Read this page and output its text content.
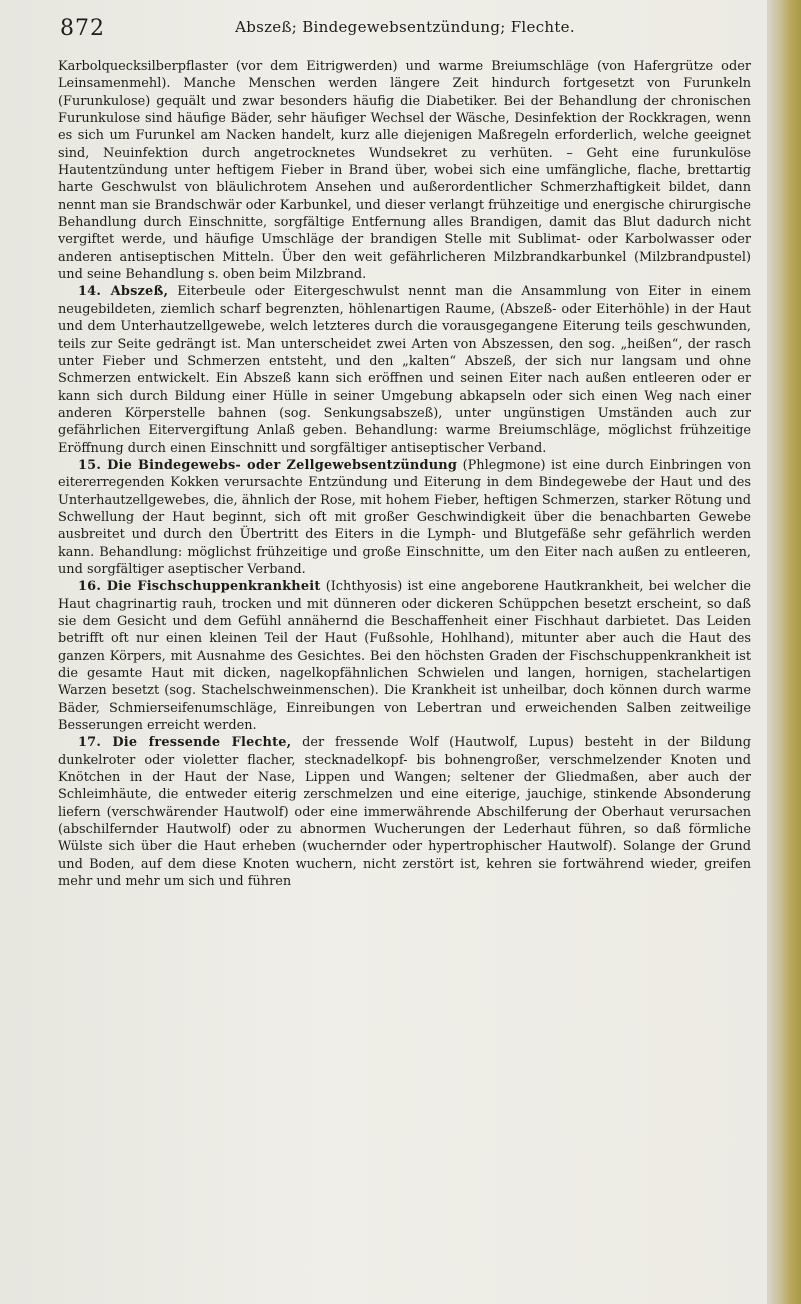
872	Abszeß; Bindegewebsentzündung; Flechte.

Karbolquecksilberpflaster (vor dem Eitrigwerden) und warme Breiumschläge (von Hafergrütze oder Leinsamenmehl). Manche Menschen werden längere Zeit hindurch fortgesetzt von Furunkeln (Furunkulose) gequält und zwar besonders häufig die Diabetiker. Bei der Behandlung der chronischen Furunkulose sind häufige Bäder, sehr häufiger Wechsel der Wäsche, Desinfektion der Rockkragen, wenn es sich um Furunkel am Nacken handelt, kurz alle diejenigen Maßregeln erforderlich, welche geeignet sind, Neuinfektion durch angetrocknetes Wundsekret zu verhüten. – Geht eine furunkulöse Hautentzündung unter heftigem Fieber in Brand über, wobei sich eine umfängliche, flache, brettartig harte Geschwulst von bläulichrotem Ansehen und außerordentlicher Schmerzhaftigkeit bildet, dann nennt man sie Brandschwär oder Karbunkel, und dieser verlangt frühzeitige und energische chirurgische Behandlung durch Einschnitte, sorgfältige Entfernung alles Brandigen, damit das Blut dadurch nicht vergiftet werde, und häufige Umschläge der brandigen Stelle mit Sublimat- oder Karbolwasser oder anderen antiseptischen Mitteln. Über den weit gefährlicheren Milzbrandkarbunkel (Milzbrandpustel) und seine Behandlung s. oben beim Milzbrand.

14. Abszeß, Eiterbeule oder Eitergeschwulst nennt man die Ansammlung von Eiter in einem neugebildeten, ziemlich scharf begrenzten, höhlenartigen Raume, (Abszeß- oder Eiterhöhle) in der Haut und dem Unterhautzellgewebe, welch letzteres durch die vorausgegangene Eiterung teils geschwunden, teils zur Seite gedrängt ist. Man unterscheidet zwei Arten von Abszessen, den sog. „heißen“, der rasch unter Fieber und Schmerzen entsteht, und den „kalten“ Abszeß, der sich nur langsam und ohne Schmerzen entwickelt. Ein Abszeß kann sich eröffnen und seinen Eiter nach außen entleeren oder er kann sich durch Bildung einer Hülle in seiner Umgebung abkapseln oder sich einen Weg nach einer anderen Körperstelle bahnen (sog. Senkungsabszeß), unter ungünstigen Umständen auch zur gefährlichen Eitervergiftung Anlaß geben. Behandlung: warme Breiumschläge, möglichst frühzeitige Eröffnung durch einen Einschnitt und sorgfältiger antiseptischer Verband.

15. Die Bindegewebs- oder Zellgewebsentzündung (Phlegmone) ist eine durch Einbringen von eitererregenden Kokken verursachte Entzündung und Eiterung in dem Bindegewebe der Haut und des Unterhautzellgewebes, die, ähnlich der Rose, mit hohem Fieber, heftigen Schmerzen, starker Rötung und Schwellung der Haut beginnt, sich oft mit großer Geschwindigkeit über die benachbarten Gewebe ausbreitet und durch den Übertritt des Eiters in die Lymph- und Blutgefäße sehr gefährlich werden kann. Behandlung: möglichst frühzeitige und große Einschnitte, um den Eiter nach außen zu entleeren, und sorgfältiger aseptischer Verband.

16. Die Fischschuppenkrankheit (Ichthyosis) ist eine angeborene Hautkrankheit, bei welcher die Haut chagrinartig rauh, trocken und mit dünneren oder dickeren Schüppchen besetzt erscheint, so daß sie dem Gesicht und dem Gefühl annähernd die Beschaffenheit einer Fischhaut darbietet. Das Leiden betrifft oft nur einen kleinen Teil der Haut (Fußsohle, Hohlhand), mitunter aber auch die Haut des ganzen Körpers, mit Ausnahme des Gesichtes. Bei den höchsten Graden der Fischschuppenkrankheit ist die gesamte Haut mit dicken, nagelkopfähnlichen Schwielen und langen, hornigen, stachelartigen Warzen besetzt (sog. Stachelschweinmenschen). Die Krankheit ist unheilbar, doch können durch warme Bäder, Schmierseifenumschläge, Einreibungen von Lebertran und erweichenden Salben zeitweilige Besserungen erreicht werden.

17. Die fressende Flechte, der fressende Wolf (Hautwolf, Lupus) besteht in der Bildung dunkelroter oder violetter flacher, stecknadelkopf- bis bohnengroßer, verschmelzender Knoten und Knötchen in der Haut der Nase, Lippen und Wangen; seltener der Gliedmaßen, aber auch der Schleimhäute, die entweder eiterig zerschmelzen und eine eiterige, jauchige, stinkende Absonderung liefern (verschwärender Hautwolf) oder eine immerwährende Abschilferung der Oberhaut verursachen (abschilfernder Hautwolf) oder zu abnormen Wucherungen der Lederhaut führen, so daß förmliche Wülste sich über die Haut erheben (wuchernder oder hypertrophischer Hautwolf). Solange der Grund und Boden, auf dem diese Knoten wuchern, nicht zerstört ist, kehren sie fortwährend wieder, greifen mehr und mehr um sich und führen
